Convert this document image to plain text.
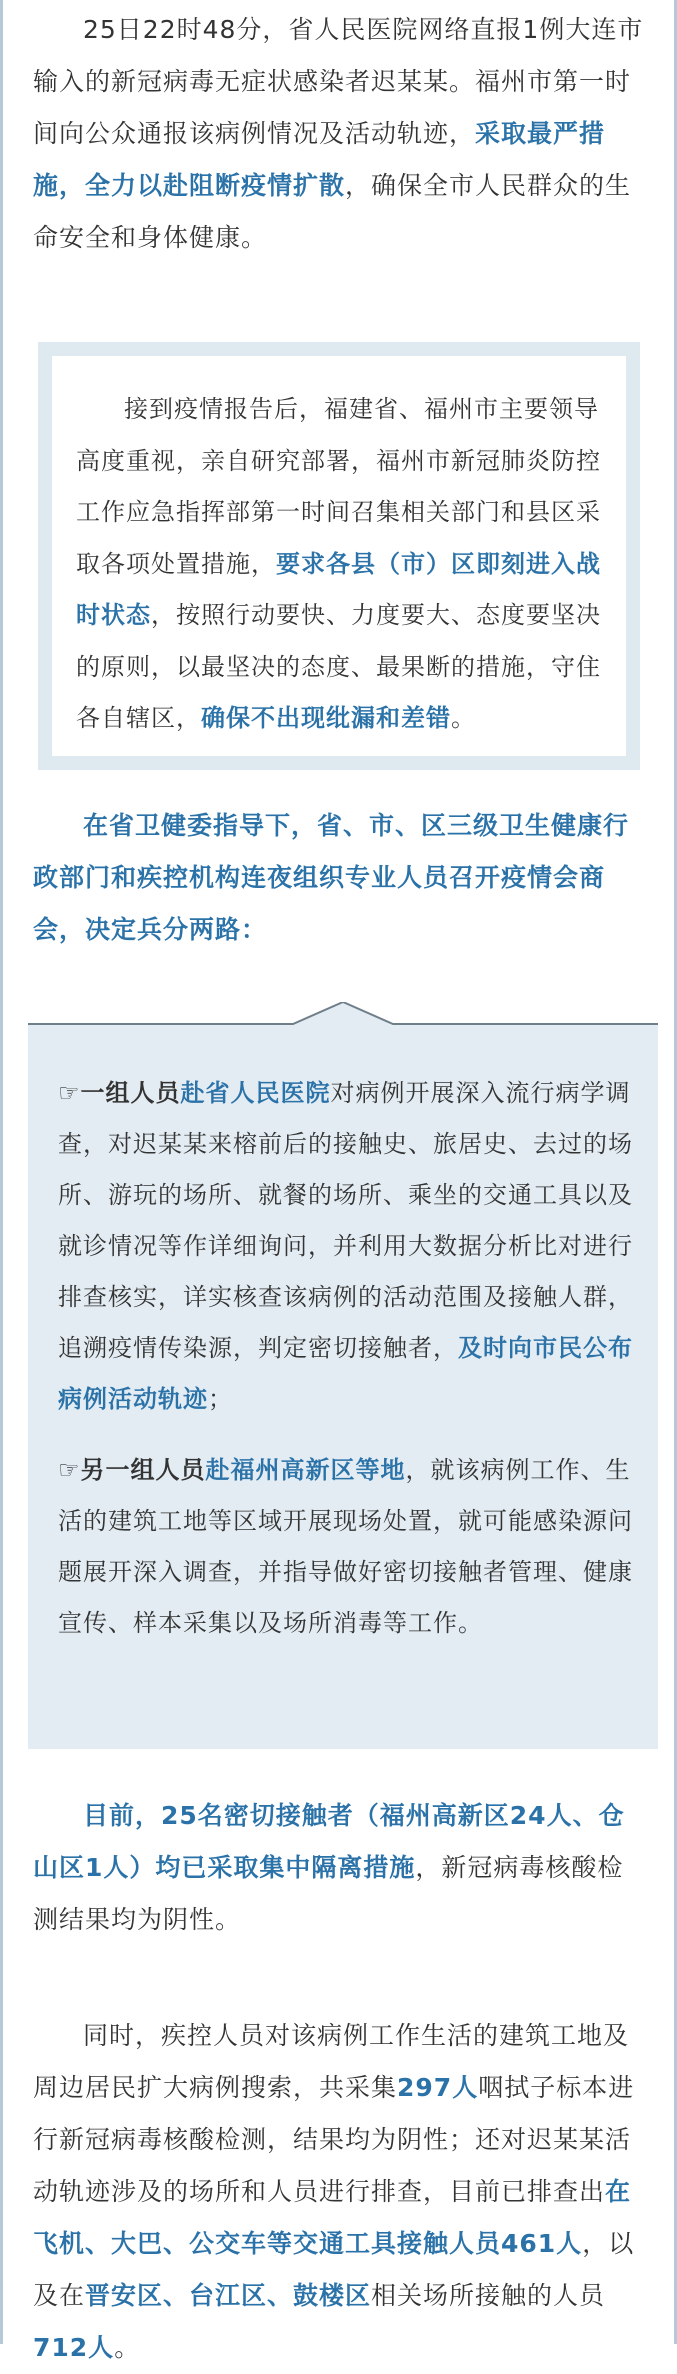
25日22时48分，省人民医院网络直报1例大连市输入的新冠病毒无症状感染者迟某某。福州市第一时间向公众通报该病例情况及活动轨迹，采取最严措施，全力以赴阻断疫情扩散，确保全市人民群众的生命安全和身体健康。

接到疫情报告后，福建省、福州市主要领导高度重视，亲自研究部署，福州市新冠肺炎防控工作应急指挥部第一时间召集相关部门和县区采取各项处置措施，要求各县（市）区即刻进入战时状态，按照行动要快、力度要大、态度要坚决的原则，以最坚决的态度、最果断的措施，守住各自辖区，确保不出现纰漏和差错。

在省卫健委指导下，省、市、区三级卫生健康行政部门和疾控机构连夜组织专业人员召开疫情会商会，决定兵分两路：

☞一组人员赴省人民医院对病例开展深入流行病学调查，对迟某某来榕前后的接触史、旅居史、去过的场所、游玩的场所、就餐的场所、乘坐的交通工具以及就诊情况等作详细询问，并利用大数据分析比对进行排查核实，详实核查该病例的活动范围及接触人群，追溯疫情传染源，判定密切接触者，及时向市民公布病例活动轨迹；

☞另一组人员赴福州高新区等地，就该病例工作、生活的建筑工地等区域开展现场处置，就可能感染源问题展开深入调查，并指导做好密切接触者管理、健康宣传、样本采集以及场所消毒等工作。

目前，25名密切接触者（福州高新区24人、仓山区1人）均已采取集中隔离措施，新冠病毒核酸检测结果均为阴性。

同时，疾控人员对该病例工作生活的建筑工地及周边居民扩大病例搜索，共采集297人咽拭子标本进行新冠病毒核酸检测，结果均为阴性；还对迟某某活动轨迹涉及的场所和人员进行排查，目前已排查出在飞机、大巴、公交车等交通工具接触人员461人，以及在晋安区、台江区、鼓楼区相关场所接触的人员712人。
